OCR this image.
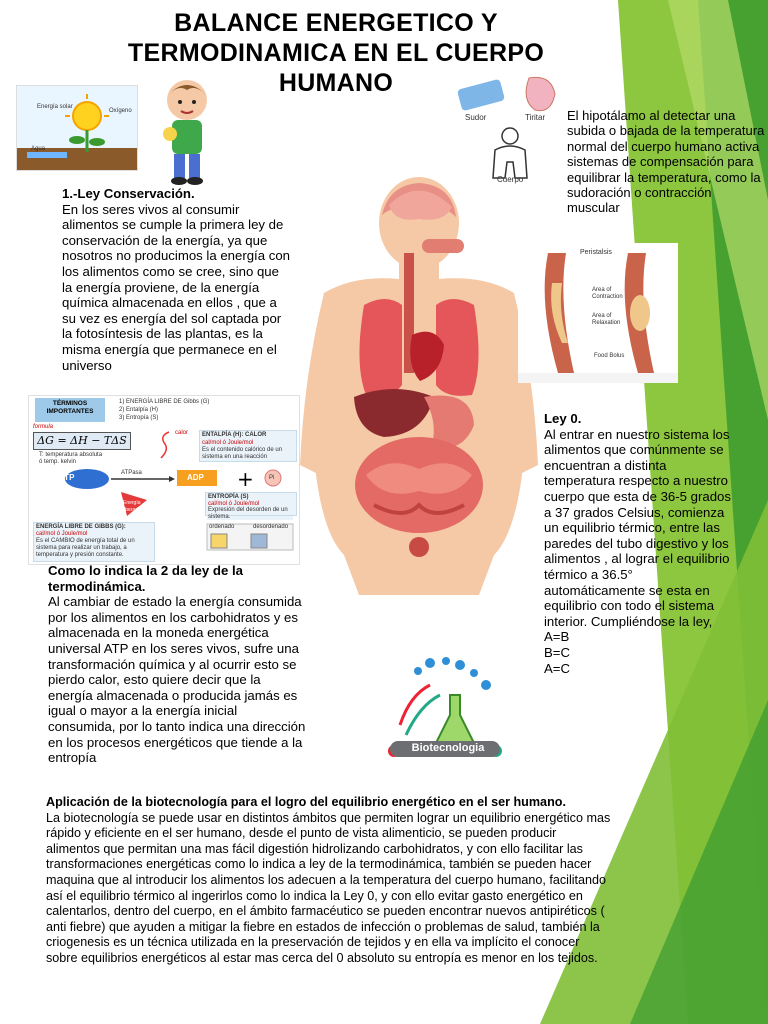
BALANCE ENERGETICO Y TERMODINAMICA EN EL CUERPO HUMANO
Energía solar
Oxígeno
Agua
Sudor	Tiritar
Cuerpo
El hipotálamo al detectar una subida o bajada de la temperatura normal del cuerpo humano activa sistemas de compensación para equilibrar la temperatura, como la sudoración o contracción muscular
1.-Ley Conservación.
En los seres vivos al consumir alimentos se cumple la primera ley de conservación de la energía, ya que nosotros no producimos la energía con los alimentos como se cree, sino que la energía proviene, de la energía química almacenada en ellos , que a su vez es energía del sol captada por la fotosíntesis de las plantas, es la misma energía que permanece en el universo
Peristalsis
Area of Contraction
Area of Relaxation
Food Bolus
TÉRMINOS IMPORTANTES
1) ENERGÍA LIBRE DE Gibbs (G)
2) Entalpía (H)
3) Entropía (S)
formula
ΔG = ΔH − TΔS
T: temperatura absoluta
ó temp. kelvin
calor
+
ATP	ATPasa	ADP	Pi
Energía liberada
ENTALPÍA (H): CALOR
cal/mol ó Joule/mol
Es el contenido calórico de un sistema en una reacción
ENTROPÍA (S)
cal/mol ó Joule/mol
Expresión del desorden de un sistema.
ENERGÍA LIBRE DE GIBBS (G):
cal/mol ó Joule/mol
Es el CAMBIO de energía total de un sistema para realizar un trabajo, a temperatura y presión constante.
ordenado	desordenado
Ley 0.
Al entrar en nuestro sistema los alimentos que comúnmente se encuentran a distinta temperatura respecto a nuestro cuerpo que esta de 36-5 grados a 37 grados Celsius, comienza un equilibrio térmico, entre las paredes del tubo digestivo y los alimentos , al lograr el equilibrio térmico a 36.5° automáticamente se esta en equilibrio con todo el sistema interior. Cumpliéndose la ley,
A=B
B=C
A=C
Como lo indica la 2 da ley de la termodinámica.
Al cambiar de estado la energía consumida por los alimentos en los carbohidratos y es almacenada en la moneda energética universal ATP en los seres vivos, sufre una transformación química y al ocurrir esto se pierdo calor, esto quiere decir que la energía almacenada o producida jamás es igual o mayor a la energía inicial consumida, por lo tanto indica una dirección en los procesos energéticos que tiende a la entropía
Biotecnologia
Aplicación de la biotecnología para el logro del equilibrio energético en el ser humano.
La biotecnología se puede usar en distintos ámbitos que permiten lograr un equilibrio energético mas rápido y eficiente en el ser humano, desde el punto de vista alimenticio, se pueden producir alimentos que permitan una mas fácil digestión hidrolizando carbohidratos, y con ello facilitar las transformaciones energéticas como lo indica a ley de la termodinámica, también se pueden hacer maquina que al introducir los alimentos los adecuen a la temperatura del cuerpo humano, facilitando así el equilibrio térmico al ingerirlos como lo indica la Ley 0, y con ello evitar gasto energético en calentarlos, dentro del cuerpo, en el ámbito farmacéutico se pueden encontrar nuevos antipiréticos ( anti fiebre) que ayuden a mitigar la fiebre en estados de infección o problemas de salud, también la criogenesis es un técnica utilizada en la preservación de tejidos y en ella va implícito el conocer sobre equilibrios energéticos al estar mas cerca del 0 absoluto su entropía es menor en los tejidos.
